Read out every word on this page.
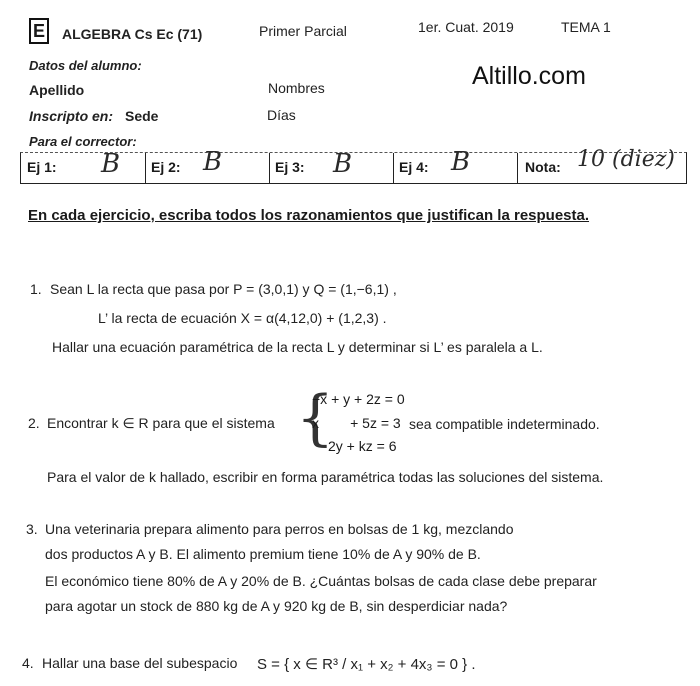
E ALGEBRA Cs Ec (71)	Primer Parcial	1er. Cuat. 2019	TEMA 1
Datos del alumno:
Apellido	Nombres
Inscripto en: Sede	Días
Altillo.com
Para el corrector:
Ej 1: B Ej 2: B	Ej 3: B	Ej 4: B	Nota: 10 (diez)
En cada ejercicio, escriba todos los razonamientos que justifican la respuesta.
1. Sean L la recta que pasa por P = (3,0,1) y Q = (1,−6,1) ,
L’ la recta de ecuación X = α(4,12,0) + (1,2,3) .
Hallar una ecuación paramétrica de la recta L y determinar si L’ es paralela a L.
2. Encontrar k ∈ R para que el sistema {
−x + y + 2z = 0
x        + 5z = 3
2y + kz = 6
sea compatible indeterminado.
Para el valor de k hallado, escribir en forma paramétrica todas las soluciones del sistema.
3. Una veterinaria prepara alimento para perros en bolsas de 1 kg, mezclando
dos productos A y B. El alimento premium tiene 10% de A y 90% de B.
El económico tiene 80% de A y 20% de B. ¿Cuántas bolsas de cada clase debe preparar
para agotar un stock de 880 kg de A y 920 kg de B, sin desperdiciar nada?
4. Hallar una base del subespacio S = { x ∈ R³ / x₁ + x₂ + 4x₃ = 0 } .
